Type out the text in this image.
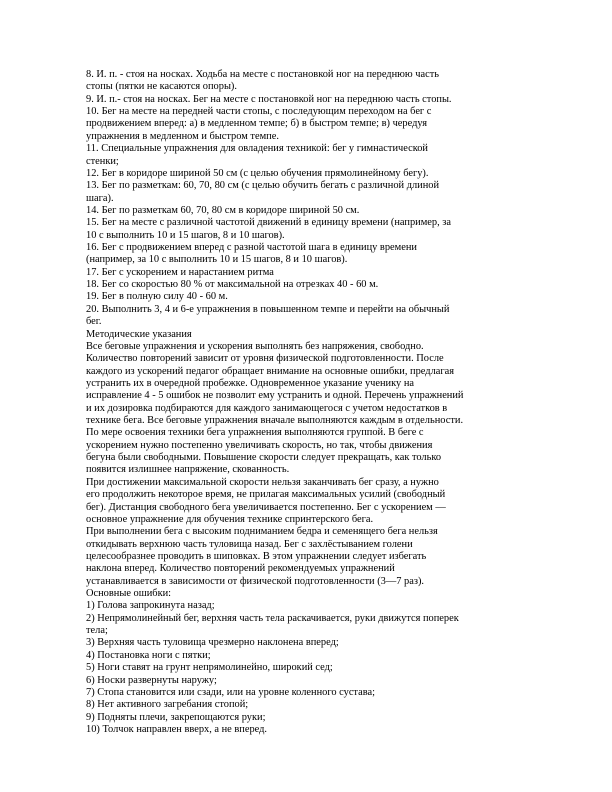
8. И. п. - стоя на носках. Ходьба на месте с постановкой ног на переднюю часть
стопы (пятки не касаются опоры).
9. И. п.- стоя на носках. Бег на месте с постановкой ног на переднюю часть стопы.
10. Бег на месте на передней части стопы, с последующим переходом на бег с
продвижением вперед: а) в медленном темпе; б) в быстром темпе; в) чередуя
упражнения в медленном и быстром темпе.
11. Специальные упражнения для овладения техникой: бег у гимнастической
стенки;
12. Бег в коридоре шириной 50 см (с целью обучения прямолинейному бегу).
13. Бег по разметкам: 60, 70, 80 см (с целью обучить бегать с различной длиной
шага).
14. Бег по разметкам 60, 70, 80 см в коридоре шириной 50 см.
15. Бег на месте с различной частотой движений в единицу времени (например, за
10 с выполнить 10 и 15 шагов, 8 и 10 шагов).
16. Бег с продвижением вперед с разной частотой шага в единицу времени
(например, за 10 с выполнить 10 и 15 шагов, 8 и 10 шагов).
17. Бег с ускорением и нарастанием ритма
18. Бег со скоростью 80 % от максимальной на отрезках 40 - 60 м.
19. Бег в полную силу 40 - 60 м.
20. Выполнить 3, 4 и 6-е упражнения в повышенном темпе и перейти на обычный
бег.
Методические указания
Все беговые упражнения и ускорения выполнять без напряжения, свободно.
Количество повторений зависит от уровня физической подготовленности. После
каждого из ускорений педагог обращает внимание на основные ошибки, предлагая
устранить их в очередной пробежке. Одновременное указание ученику на
исправление 4 - 5 ошибок не позволит ему устранить и одной. Перечень упражнений
и их дозировка подбираются для каждого занимающегося с учетом недостатков в
технике бега. Все беговые упражнения вначале выполняются каждым в отдельности.
По мере освоения техники бега упражнения выполняются группой. В беге с
ускорением нужно постепенно увеличивать скорость, но так, чтобы движения
бегуна были свободными. Повышение скорости следует прекращать, как только
появится излишнее напряжение, скованность.
При достижении максимальной скорости нельзя заканчивать бег сразу, а нужно
его продолжить некоторое время, не прилагая максимальных усилий (свободный
бег). Дистанция свободного бега увеличивается постепенно. Бег с ускорением —
основное упражнение для обучения технике спринтерского бега.
При выполнении бега с высоким подниманием бедра и семенящего бега нельзя
откидывать верхнюю часть туловища назад. Бег с захлёстыванием голени
целесообразнее проводить в шиповках. В этом упражнении следует избегать
наклона вперед. Количество повторений рекомендуемых упражнений
устанавливается в зависимости от физической подготовленности (3—7 раз).
Основные ошибки:
1) Голова запрокинута назад;
2) Непрямолинейный бег, верхняя часть тела раскачивается, руки движутся поперек
тела;
3) Верхняя часть туловища чрезмерно наклонена вперед;
4) Постановка ноги с пятки;
5) Ноги ставят на грунт непрямолинейно, широкий сед;
6) Носки развернуты наружу;
7) Стопа становится или сзади, или на уровне коленного сустава;
8) Нет активного загребания стопой;
9) Подняты плечи, закрепощаются руки;
10) Толчок направлен вверх, а не вперед.
